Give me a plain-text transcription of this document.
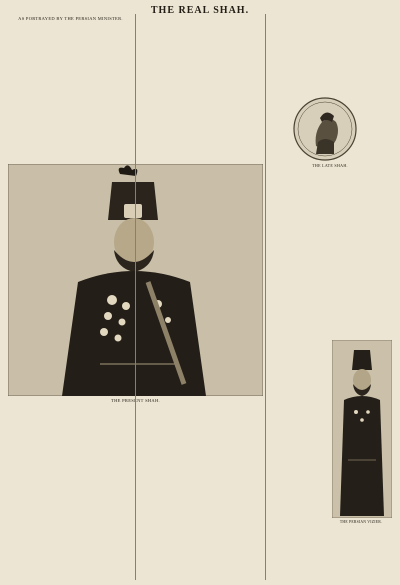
THE REAL SHAH.
AS PORTRAYED BY THE PERSIAN MINISTER.

THE LATE SHAH.

THE PRESENT SHAH.

THE PERSIAN VIZIER.
